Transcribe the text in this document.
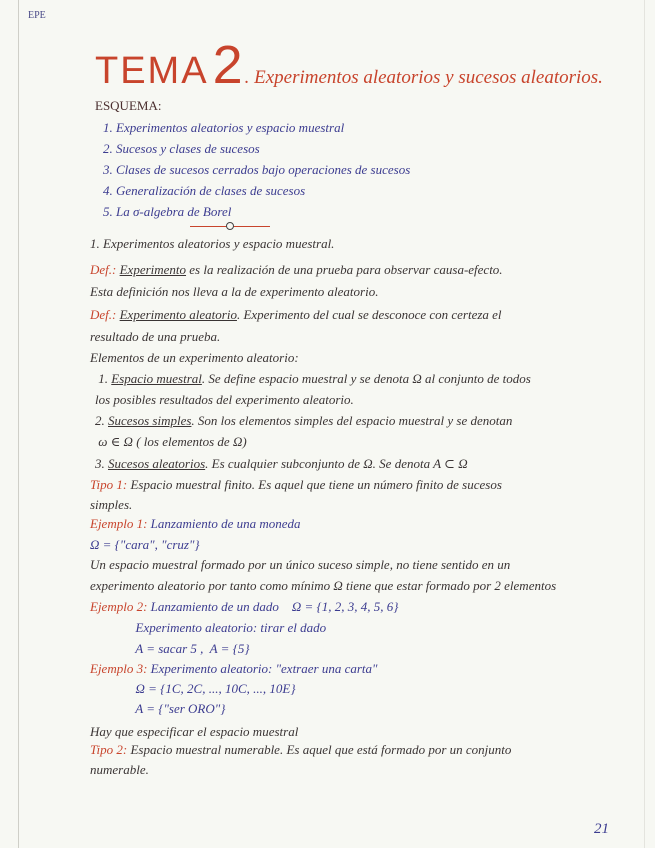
EPE
TEMA2 . Experimentos aleatorios y sucesos aleatorios.
ESQUEMA:
1. Experimentos aleatorios y espacio muestral
2. Sucesos y clases de sucesos
3. Clases de sucesos cerrados bajo operaciones de sucesos
4. Generalización de clases de sucesos
5. La σ-algebra de Borel
1. Experimentos aleatorios y espacio muestral.
Def.: Experimento es la realización de una prueba para observar causa-efecto.
Esta definición nos lleva a la de experimento aleatorio.
Def.: Experimento aleatorio. Experimento del cual se desconoce con certeza el
resultado de una prueba.
Elementos de un experimento aleatorio:
1. Espacio muestral. Se define espacio muestral y se denota Ω al conjunto de todos
los posibles resultados del experimento aleatorio.
2. Sucesos simples. Son los elementos simples del espacio muestral y se denotan
ω ∈ Ω ( los elementos de Ω)
3. Sucesos aleatorios. Es cualquier subconjunto de Ω. Se denota A ⊂ Ω
Tipo 1: Espacio muestral finito. Es aquel que tiene un número finito de sucesos
simples.
Ejemplo 1: Lanzamiento de una moneda
Ω = {"cara", "cruz"}
Un espacio muestral formado por un único suceso simple, no tiene sentido en un
experimento aleatorio por tanto como mínimo Ω tiene que estar formado por 2 elementos
Ejemplo 2: Lanzamiento de un dado    Ω = {1, 2, 3, 4, 5, 6}
Experimento aleatorio: tirar el dado
A = sacar 5 ,  A = {5}
Ejemplo 3: Experimento aleatorio: "extraer una carta"
Ω = {1C, 2C, ..., 10C, ..., 10E}
A = {"ser ORO"}
Hay que especificar el espacio muestral
Tipo 2: Espacio muestral numerable. Es aquel que está formado por un conjunto
numerable.
21
